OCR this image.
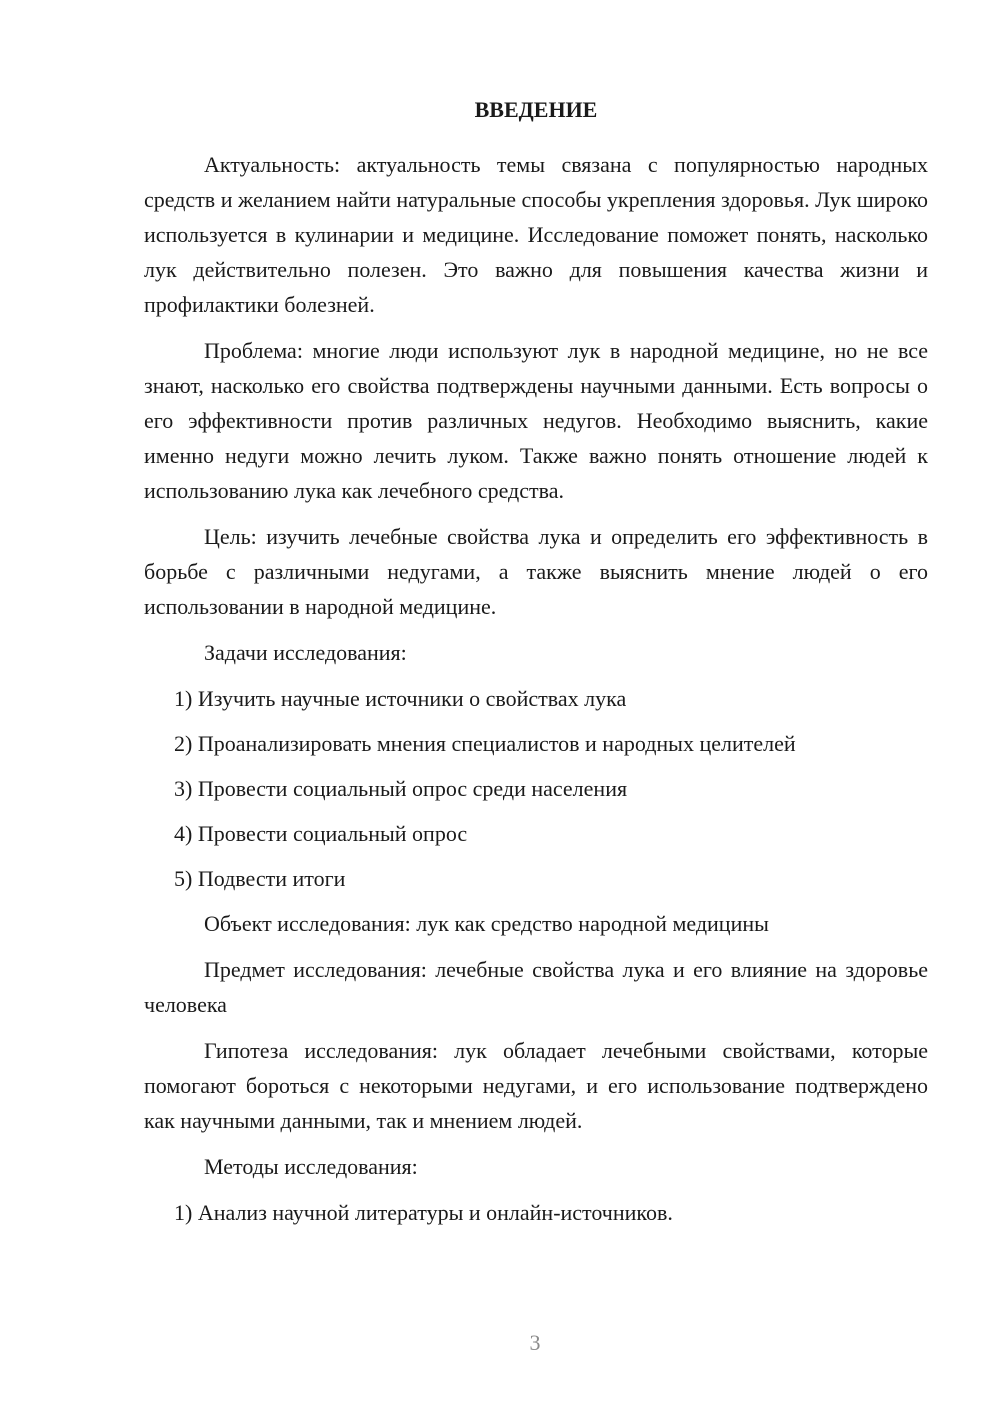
ВВЕДЕНИЕ

Актуальность: актуальность темы связана с популярностью народных средств и желанием найти натуральные способы укрепления здоровья. Лук широко используется в кулинарии и медицине. Исследование поможет понять, насколько лук действительно полезен. Это важно для повышения качества жизни и профилактики болезней.

Проблема: многие люди используют лук в народной медицине, но не все знают, насколько его свойства подтверждены научными данными. Есть вопросы о его эффективности против различных недугов. Необходимо выяснить, какие именно недуги можно лечить луком. Также важно понять отношение людей к использованию лука как лечебного средства.

Цель: изучить лечебные свойства лука и определить его эффективность в борьбе с различными недугами, а также выяснить мнение людей о его использовании в народной медицине.

Задачи исследования:

1) Изучить научные источники о свойствах лука
2) Проанализировать мнения специалистов и народных целителей
3) Провести социальный опрос среди населения
4) Провести социальный опрос
5) Подвести итоги

Объект исследования: лук как средство народной медицины

Предмет исследования: лечебные свойства лука и его влияние на здоровье человека

Гипотеза исследования: лук обладает лечебными свойствами, которые помогают бороться с некоторыми недугами, и его использование подтверждено как научными данными, так и мнением людей.

Методы исследования:

1) Анализ научной литературы и онлайн-источников.
3
